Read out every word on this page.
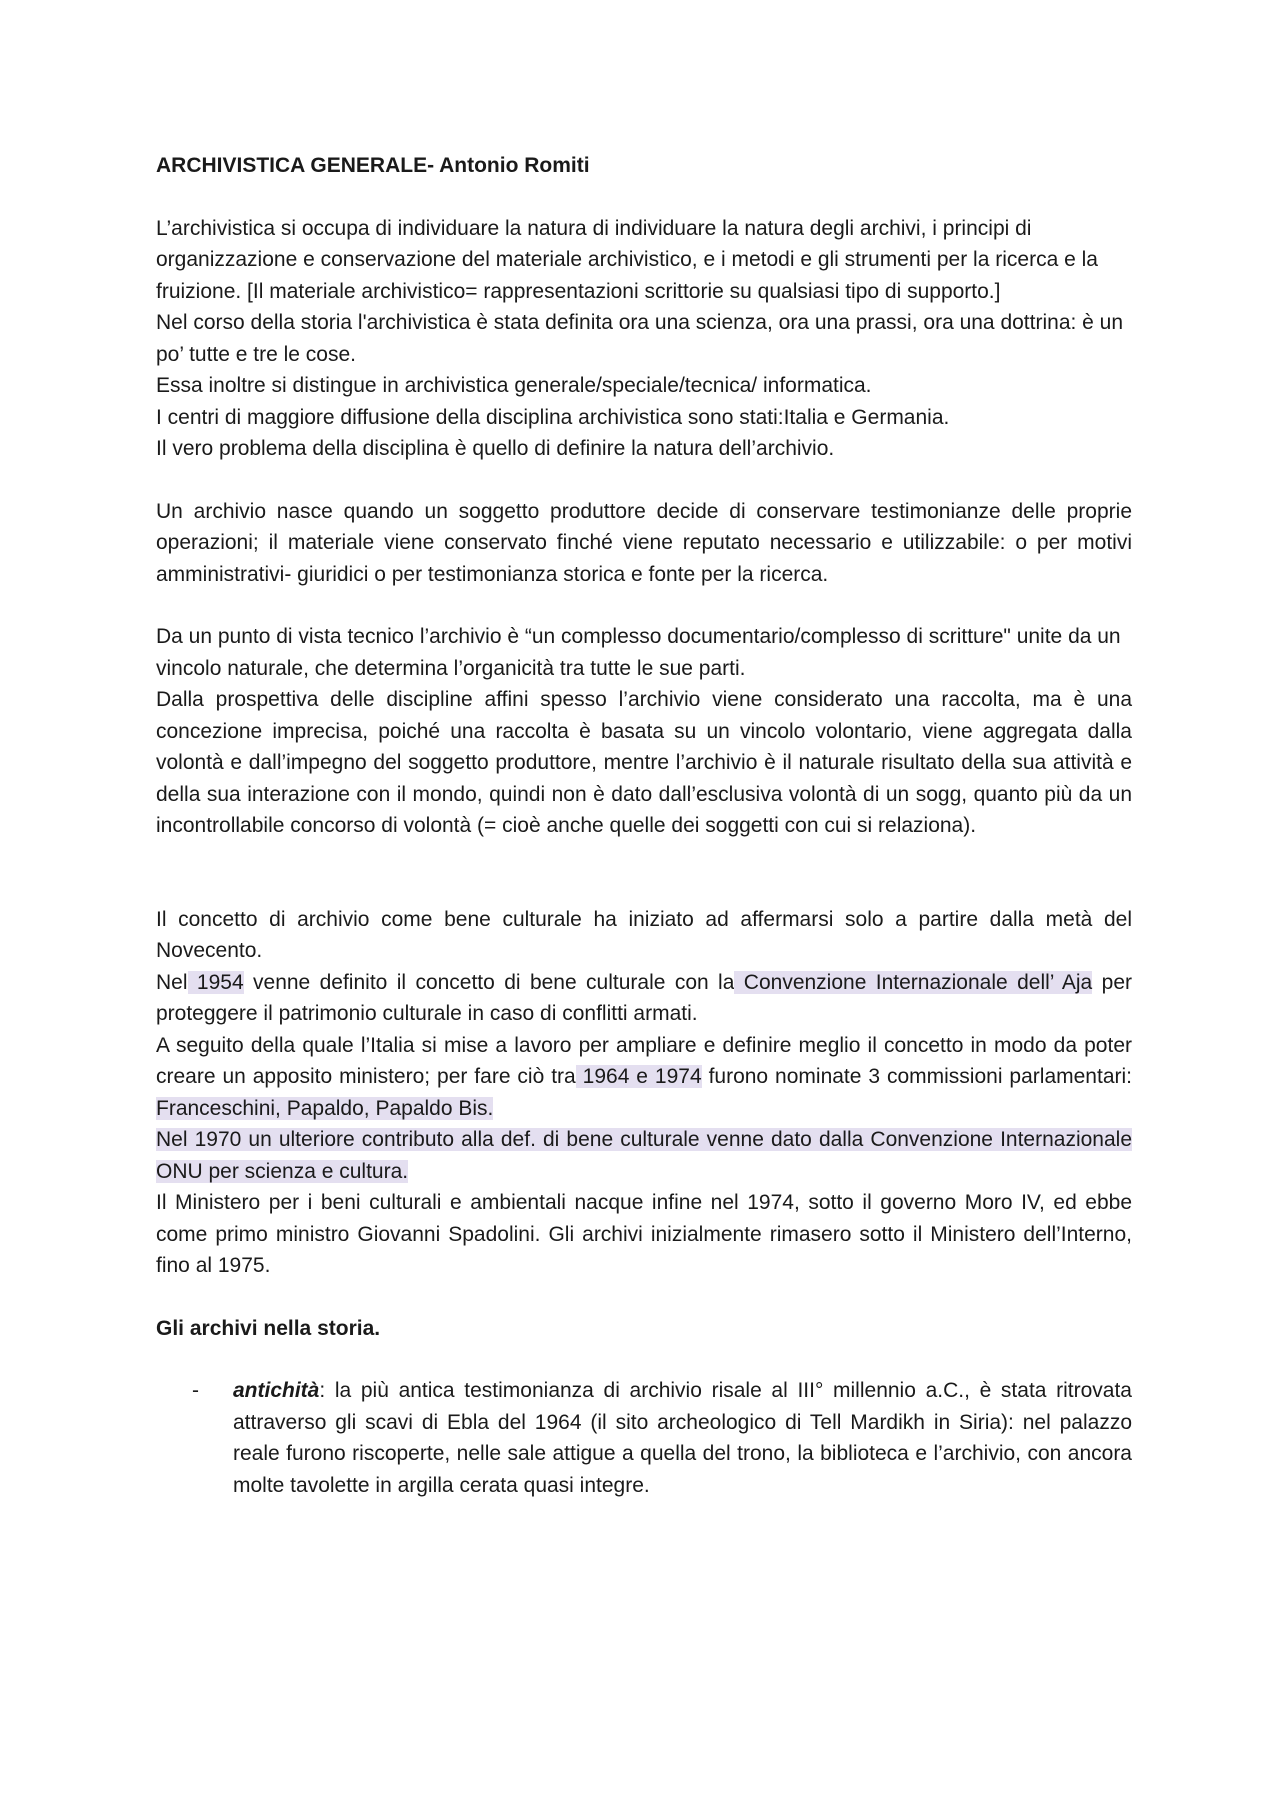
ARCHIVISTICA GENERALE- Antonio Romiti
L’archivistica si occupa di individuare la natura di individuare la natura degli archivi, i principi di organizzazione e conservazione del materiale archivistico, e i metodi e gli strumenti per la ricerca e la fruizione. [Il materiale archivistico= rappresentazioni scrittorie su qualsiasi tipo di supporto.]
Nel corso della storia l'archivistica è stata definita ora una scienza, ora una prassi, ora una dottrina: è un po’ tutte e tre le cose.
Essa inoltre si distingue in archivistica generale/speciale/tecnica/ informatica.
I centri di maggiore diffusione della disciplina archivistica sono stati:Italia e Germania.
Il vero problema della disciplina è quello di definire la natura dell’archivio.
Un archivio nasce quando un soggetto produttore decide di conservare testimonianze delle proprie operazioni; il materiale viene conservato finché viene reputato necessario e utilizzabile: o per motivi amministrativi- giuridici o per testimonianza storica e fonte per la ricerca.
Da un punto di vista tecnico l’archivio è “un complesso documentario/complesso di scritture" unite da un vincolo naturale, che determina l’organicità tra tutte le sue parti.
Dalla prospettiva delle discipline affini spesso l’archivio viene considerato una raccolta, ma è una concezione imprecisa, poiché una raccolta è basata su un vincolo volontario, viene aggregata dalla volontà e dall’impegno del soggetto produttore, mentre l’archivio è il naturale risultato della sua attività e della sua interazione con il mondo, quindi non è dato dall’esclusiva volontà di un sogg, quanto più da un incontrollabile concorso di volontà (= cioè anche quelle dei soggetti con cui si relaziona).
Il concetto di archivio come bene culturale ha iniziato ad affermarsi solo a partire dalla metà del Novecento.
Nel 1954 venne definito il concetto di bene culturale con la Convenzione Internazionale dell’ Aja per proteggere il patrimonio culturale in caso di conflitti armati.
A seguito della quale l’Italia si mise a lavoro per ampliare e definire meglio il concetto in modo da poter creare un apposito ministero; per fare ciò tra 1964 e 1974 furono nominate 3 commissioni parlamentari: Franceschini, Papaldo, Papaldo Bis.
Nel 1970 un ulteriore contributo alla def. di bene culturale venne dato dalla Convenzione Internazionale ONU per scienza e cultura.
Il Ministero per i beni culturali e ambientali nacque infine nel 1974, sotto il governo Moro IV, ed ebbe come primo ministro Giovanni Spadolini. Gli archivi inizialmente rimasero sotto il Ministero dell’Interno, fino al 1975.
Gli archivi nella storia.
- antichità: la più antica testimonianza di archivio risale al III° millennio a.C., è stata ritrovata attraverso gli scavi di Ebla del 1964 (il sito archeologico di Tell Mardikh in Siria): nel palazzo reale furono riscoperte, nelle sale attigue a quella del trono, la biblioteca e l’archivio, con ancora molte tavolette in argilla cerata quasi integre.
